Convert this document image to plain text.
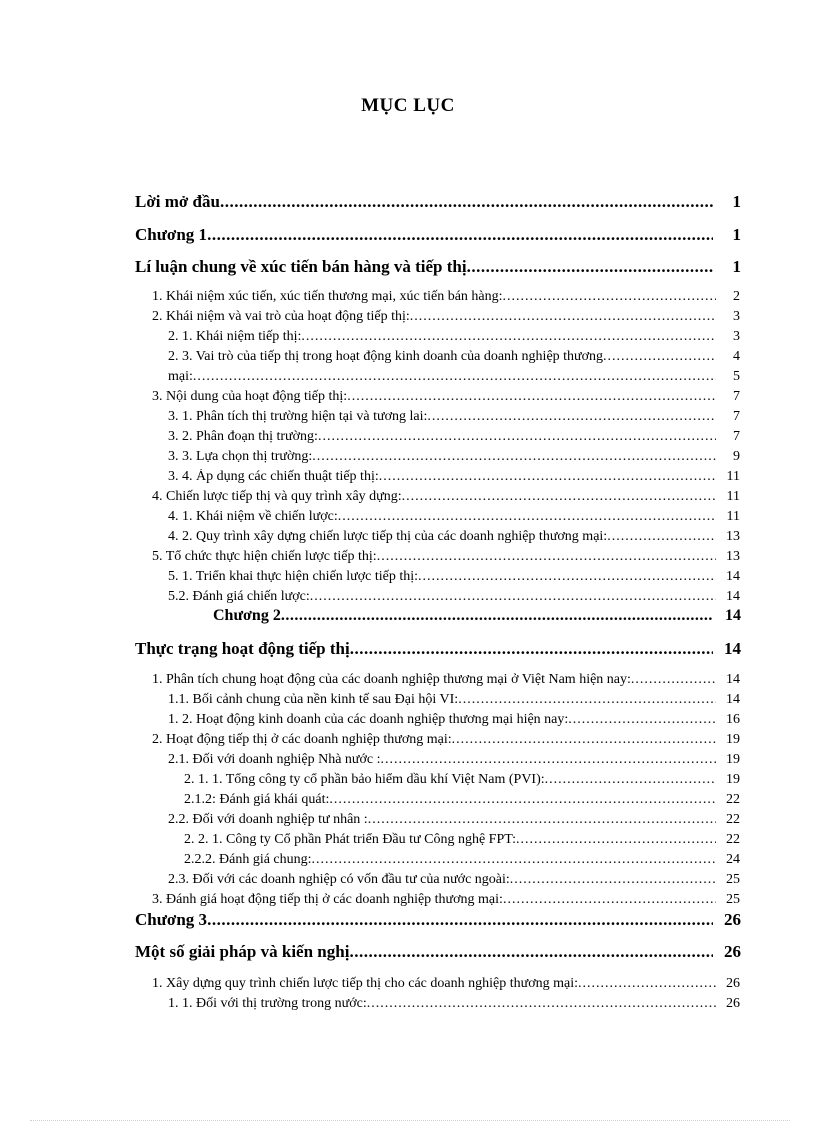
MỤC LỤC
Lời mở đầu .....	1
Chương 1 .....	1
Lí luận chung về xúc tiến bán hàng và tiếp thị .....	1
1. Khái niệm xúc tiến, xúc tiến thương mại, xúc tiến bán hàng: .....	2
2. Khái niệm và vai trò của hoạt động tiếp thị: .....	3
2. 1. Khái niệm tiếp thị: .....	3
2. 3. Vai trò của tiếp thị trong hoạt động kinh doanh của doanh nghiệp thương .....	4
mại: .....	5
3. Nội dung của hoạt động tiếp thị: .....	7
3. 1. Phân tích thị trường hiện tại và tương lai: .....	7
3. 2. Phân đoạn thị trường: .....	7
3. 3. Lựa chọn thị trường: .....	9
3. 4. Áp dụng các chiến thuật tiếp thị: .....	11
4. Chiến lược tiếp thị và quy trình xây dựng: .....	11
4. 1. Khái niệm về chiến lược: .....	11
4. 2. Quy trình xây dựng chiến lược tiếp thị của các doanh nghiệp thương mại: .....	13
5. Tổ chức thực hiện chiến lược tiếp thị: .....	13
5. 1. Triển khai thực hiện chiến lược tiếp thị: .....	14
5.2. Đánh giá chiến lược: .....	14
Chương 2 .....	14
Thực trạng hoạt động tiếp thị .....	14
1. Phân tích chung hoạt động của các doanh nghiệp thương mại ở Việt Nam hiện nay: .....	14
1.1. Bối cảnh chung của nền kinh tế sau Đại hội VI: .....	14
1. 2. Hoạt động kinh doanh của các doanh nghiệp thương mại hiện nay: .....	16
2. Hoạt động tiếp thị ở các doanh nghiệp thương mại: .....	19
2.1. Đối với doanh nghiệp Nhà nước : .....	19
2. 1. 1. Tổng công ty cổ phần bảo hiểm dầu khí Việt Nam (PVI): .....	19
2.1.2: Đánh giá khái quát: .....	22
2.2. Đối với doanh nghiệp tư nhân : .....	22
2. 2. 1. Công ty Cổ phần Phát triển Đầu tư Công nghệ FPT: .....	22
2.2.2. Đánh giá chung: .....	24
2.3. Đối với các doanh nghiệp có vốn đầu tư của nước ngoài: .....	25
3. Đánh giá hoạt động tiếp thị ở các doanh nghiệp thương mại: .....	25
Chương 3 .....	26
Một số giải pháp và kiến nghị .....	26
1. Xây dựng quy trình chiến lược tiếp thị cho các doanh nghiệp thương mại: .....	26
1. 1. Đối với thị trường trong nước: .....	26
